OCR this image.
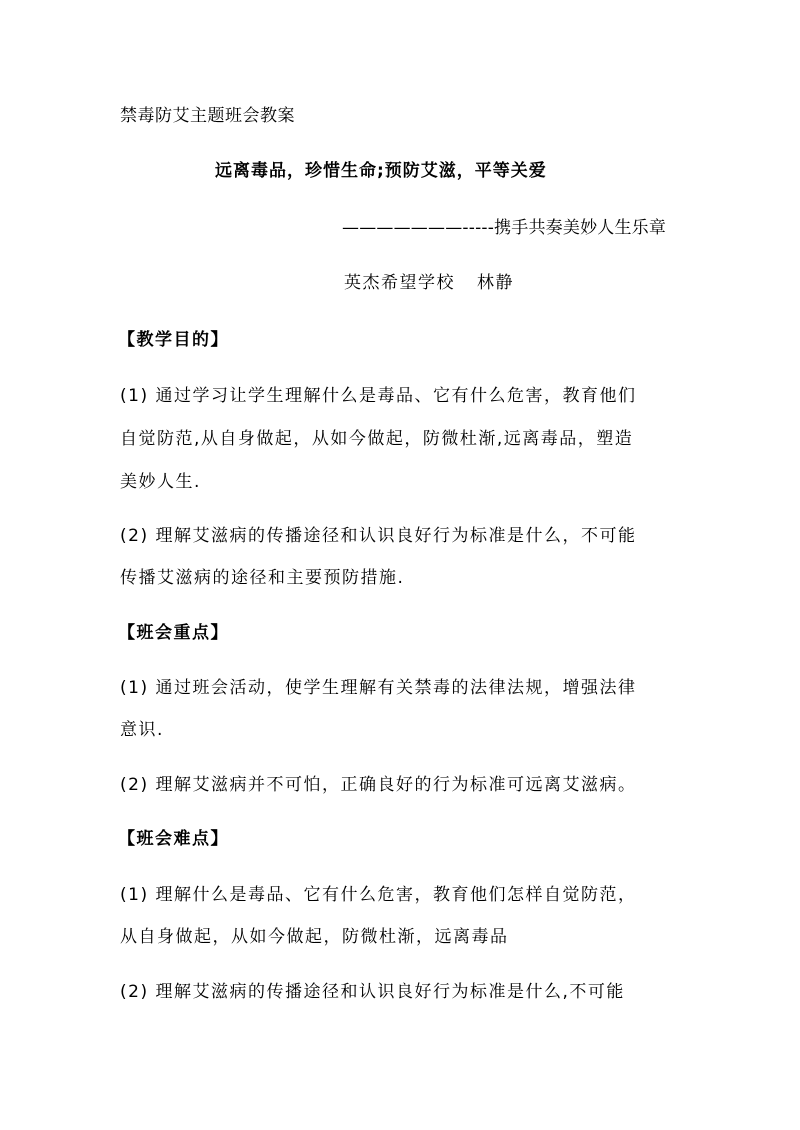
禁毒防艾主题班会教案
远离毒品，珍惜生命;预防艾滋，平等关爱
———————-----携手共奏美妙人生乐章
英杰希望学校 林静
【教学目的】
(1) 通过学习让学生理解什么是毒品、它有什么危害，教育他们
自觉防范,从自身做起，从如今做起，防微杜渐,远离毒品，塑造
美妙人生.
(2) 理解艾滋病的传播途径和认识良好行为标准是什么，不可能
传播艾滋病的途径和主要预防措施.
【班会重点】
(1) 通过班会活动，使学生理解有关禁毒的法律法规，增强法律
意识.
(2) 理解艾滋病并不可怕，正确良好的行为标准可远离艾滋病。
【班会难点】
(1) 理解什么是毒品、它有什么危害，教育他们怎样自觉防范，
从自身做起，从如今做起，防微杜渐，远离毒品
(2) 理解艾滋病的传播途径和认识良好行为标准是什么,不可能
